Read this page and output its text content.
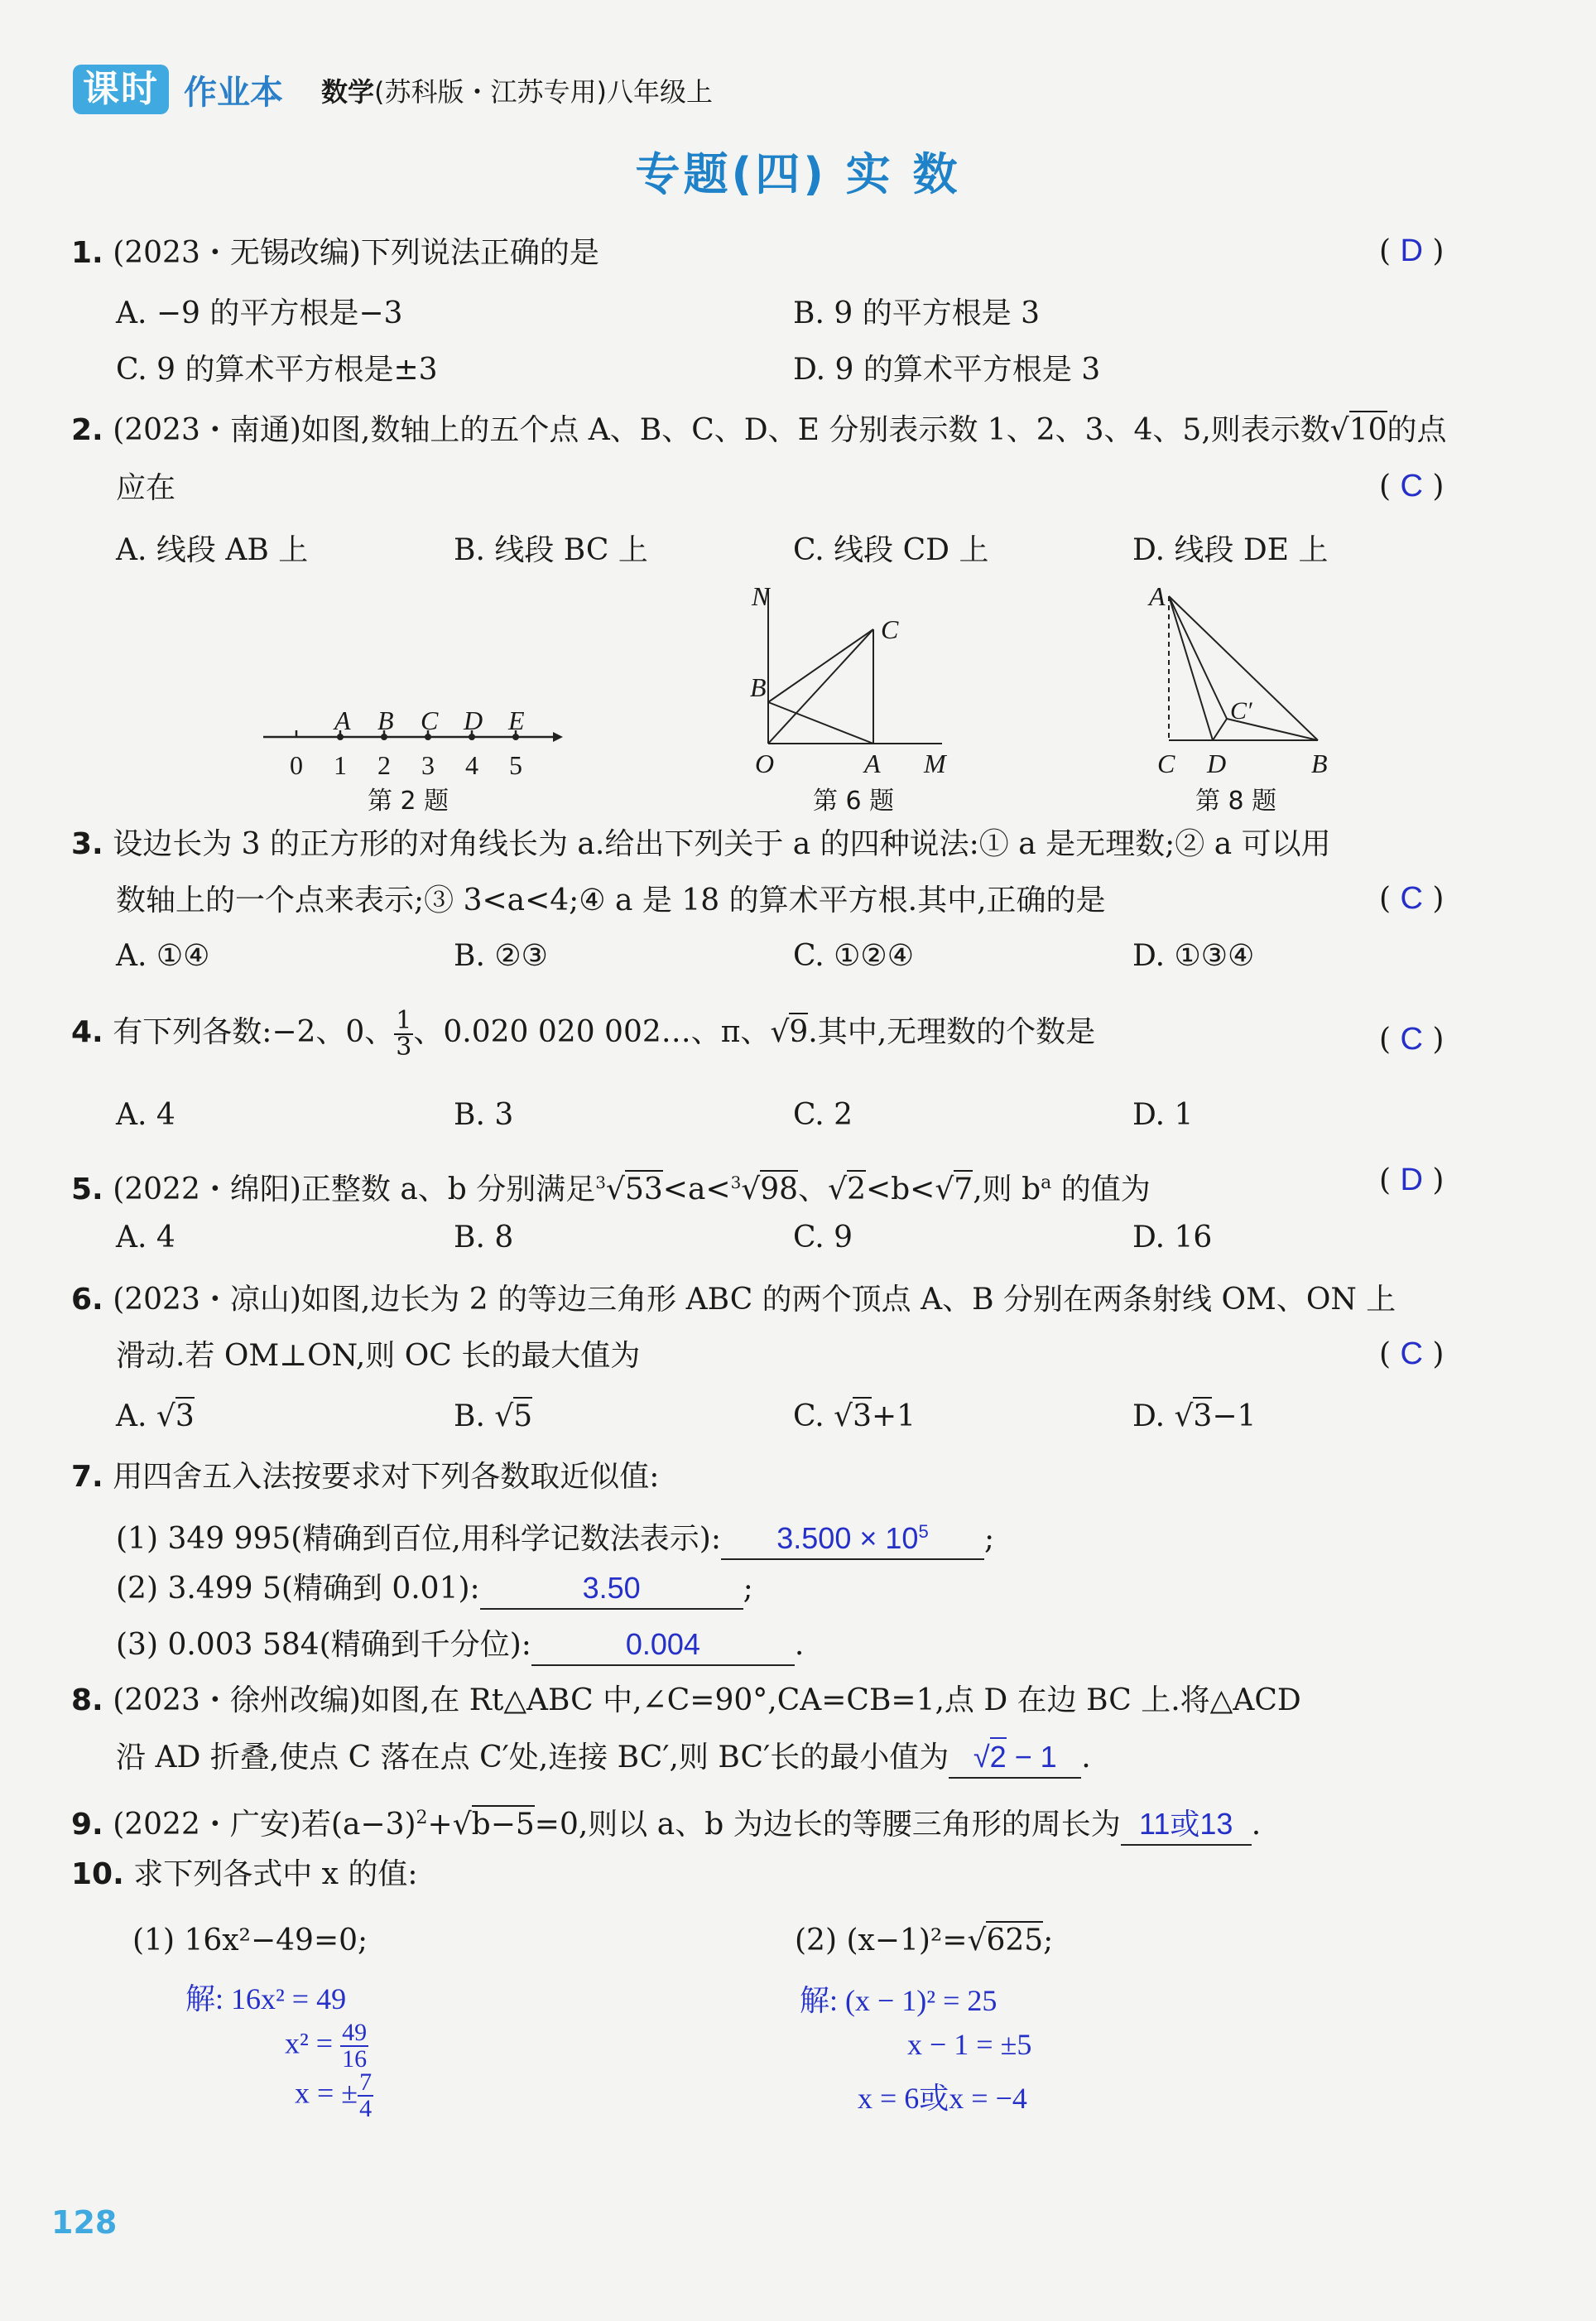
课时 作业本 数学(苏科版・江苏专用)八年级上
专题(四) 实 数
1. (2023・无锡改编)下列说法正确的是	( D )
A. −9 的平方根是−3	B. 9 的平方根是 3
C. 9 的算术平方根是±3	D. 9 的算术平方根是 3
2. (2023・南通)如图,数轴上的五个点 A、B、C、D、E 分别表示数 1、2、3、4、5,则表示数√10的点
应在	( C )
A. 线段 AB 上	B. 线段 BC 上	C. 线段 CD 上	D. 线段 DE 上
A B C D E
0 1 2 3 4 5
第 2 题
N
C
B
O	A M
第 6 题
A
C′
C D	B
第 8 题
3. 设边长为 3 的正方形的对角线长为 a.给出下列关于 a 的四种说法:① a 是无理数;② a 可以用
数轴上的一个点来表示;③ 3<a<4;④ a 是 18 的算术平方根.其中,正确的是	( C )
A. ①④	B. ②③	C. ①②④	D. ①③④
4. 有下列各数:−2、0、 $\frac{1}{3}$ 、0.020 020 002…、π、√9.其中,无理数的个数是	( C )
A. 4	B. 3	C. 2	D. 1
5. (2022・绵阳)正整数 a、b 分别满足$^3$√53<a<$^3$√98、√2<b<√7,则 $b^a$ 的值为	( D )
A. 4	B. 8	C. 9	D. 16
6. (2023・凉山)如图,边长为 2 的等边三角形 ABC 的两个顶点 A、B 分别在两条射线 OM、ON 上
滑动.若 OM⊥ON,则 OC 长的最大值为	( C )
A. √3	B. √5	C. √3+1	D. √3−1
7. 用四舍五入法按要求对下列各数取近似值:
(1) 349 995(精确到百位,用科学记数法表示): $3.500 \times 10^5$ ;
(2) 3.499 5(精确到 0.01):	3.50	;
(3) 0.003 584(精确到千分位):	0.004	.
8. (2023・徐州改编)如图,在 Rt△ABC 中,∠C=90°,CA=CB=1,点 D 在边 BC 上.将△ACD
沿 AD 折叠,使点 C 落在点 C′处,连接 BC′,则 BC′长的最小值为 √2 − 1 .
9. (2022・广安)若$(a-3)^2+√b-5=0$,则以 a、b 为边长的等腰三角形的周长为 11或13 .
10. 求下列各式中 x 的值:
(1) 16x²−49=0;	(2) (x−1)²=√625;
解: 16x² = 49
$x^2 = \frac{49}{16}$
x = ± $\frac{7}{4}$
解: (x − 1)² = 25
x − 1 = ±5
x = 6或x = −4
128
